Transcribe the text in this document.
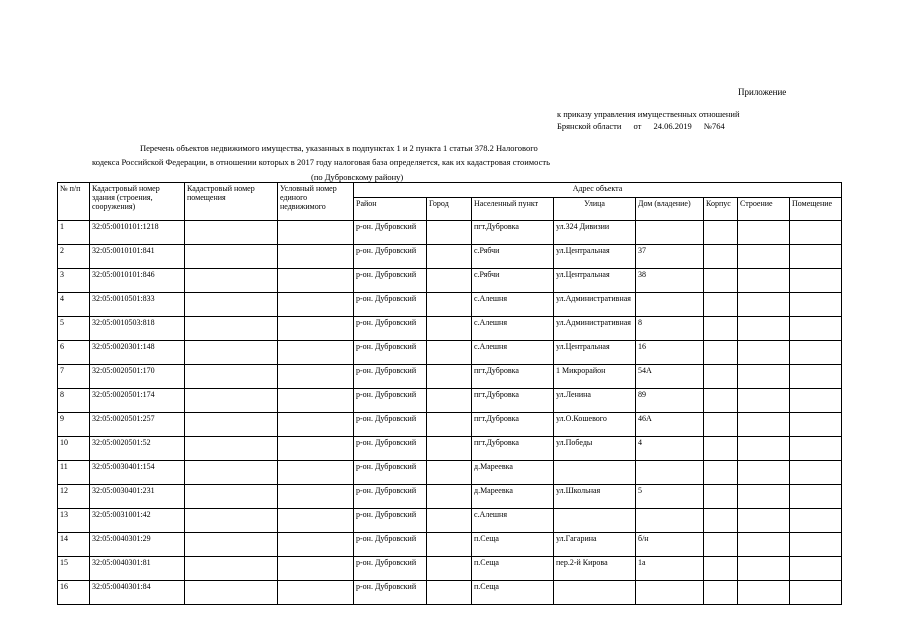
Приложение
к приказу управления имущественных отношений
Брянской области от 24.06.2019 №764
Перечень объектов недвижимого имущества, указанных в подпунктах 1 и 2 пункта 1 статьи 378.2 Налогового
кодекса Российской Федерации, в отношении которых в 2017 году налоговая база определяется, как их кадастровая стоимость
(по Дубровскому району)
№ п/п	Кадастровый номер здания (строения, сооружения)	Кадастровый номер помещения	Условный номер единого недвижимого	Адрес объекта							
				Район	Город	Населенный пункт	Улица	Дом (владение)	Корпус	Строение	Помещение
1	32:05:0010101:1218			р-он. Дубровский		пгт.Дубровка	ул.324 Дивизии				
2	32:05:0010101:841			р-он. Дубровский		с.Рябчи	ул.Центральная	37			
3	32:05:0010101:846			р-он. Дубровский		с.Рябчи	ул.Центральная	38			
4	32:05:0010501:833			р-он. Дубровский		с.Алешня	ул.Административная				
5	32:05:0010503:818			р-он. Дубровский		с.Алешня	ул.Административная	8			
6	32:05:0020301:148			р-он. Дубровский		с.Алешня	ул.Центральная	16			
7	32:05:0020501:170			р-он. Дубровский		пгт.Дубровка	1 Микрорайон	54А			
8	32:05:0020501:174			р-он. Дубровский		пгт.Дубровка	ул.Ленина	89			
9	32:05:0020501:257			р-он. Дубровский		пгт.Дубровка	ул.О.Кошевого	46А			
10	32:05:0020501:52			р-он. Дубровский		пгт.Дубровка	ул.Победы	4			
11	32:05:0030401:154			р-он. Дубровский		д.Мареевка					
12	32:05:0030401:231			р-он. Дубровский		д.Мареевка	ул.Школьная	5			
13	32:05:0031001:42			р-он. Дубровский		с.Алешня					
14	32:05:0040301:29			р-он. Дубровский		п.Сеща	ул.Гагарина	б/н			
15	32:05:0040301:81			р-он. Дубровский		п.Сеща	пер.2-й Кирова	1а			
16	32:05:0040301:84			р-он. Дубровский		п.Сеща					
